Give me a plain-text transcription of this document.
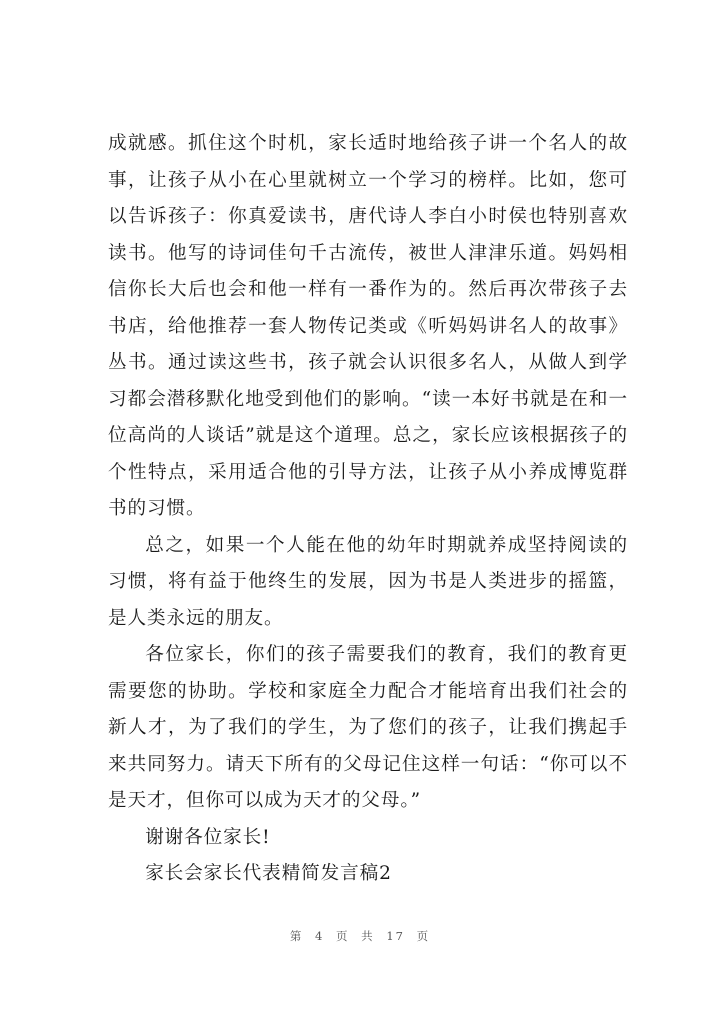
成就感。抓住这个时机，家长适时地给孩子讲一个名人的故事，让孩子从小在心里就树立一个学习的榜样。比如，您可以告诉孩子：你真爱读书，唐代诗人李白小时侯也特别喜欢读书。他写的诗词佳句千古流传，被世人津津乐道。妈妈相信你长大后也会和他一样有一番作为的。然后再次带孩子去书店，给他推荐一套人物传记类或《听妈妈讲名人的故事》丛书。通过读这些书，孩子就会认识很多名人，从做人到学习都会潜移默化地受到他们的影响。“读一本好书就是在和一位高尚的人谈话”就是这个道理。总之，家长应该根据孩子的个性特点，采用适合他的引导方法，让孩子从小养成博览群书的习惯。

总之，如果一个人能在他的幼年时期就养成坚持阅读的习惯，将有益于他终生的发展，因为书是人类进步的摇篮，是人类永远的朋友。

各位家长，你们的孩子需要我们的教育，我们的教育更需要您的协助。学校和家庭全力配合才能培育出我们社会的新人才，为了我们的学生，为了您们的孩子，让我们携起手来共同努力。请天下所有的父母记住这样一句话：“你可以不是天才，但你可以成为天才的父母。”

谢谢各位家长!

家长会家长代表精简发言稿2

第 4 页 共 17 页
